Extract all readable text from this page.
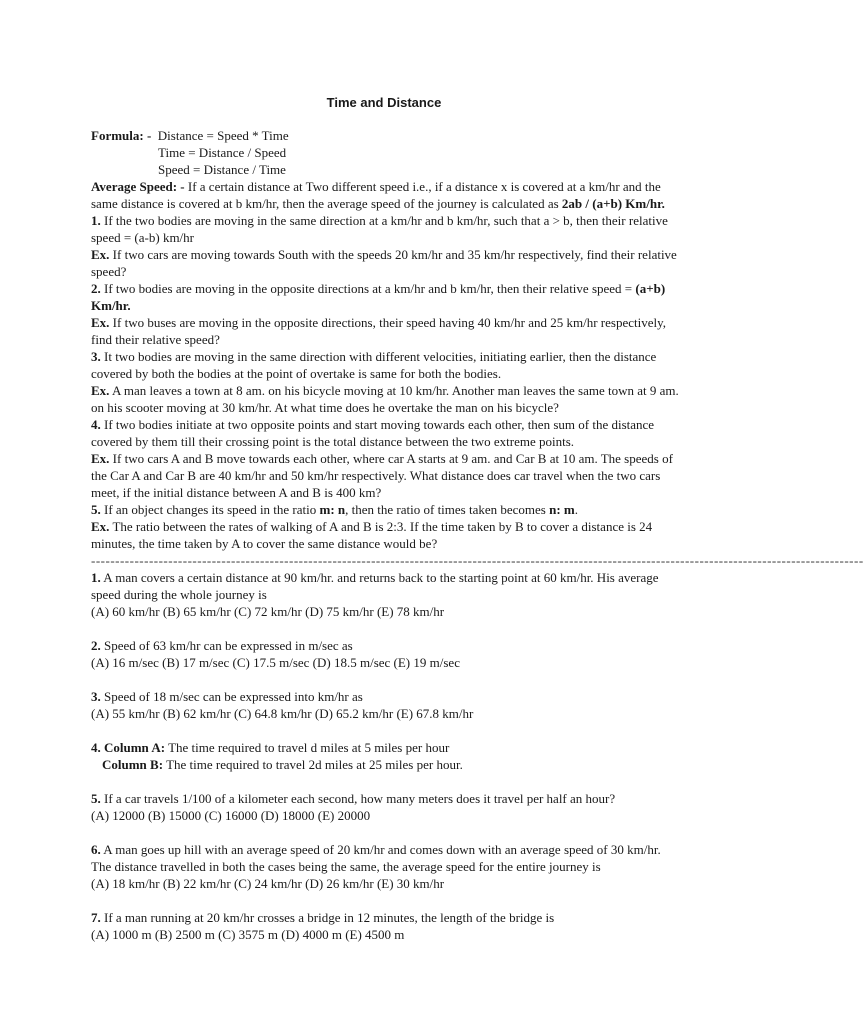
Time and Distance
Formula: - Distance = Speed * Time
Time = Distance / Speed
Speed = Distance / Time
Average Speed: - If a certain distance at Two different speed i.e., if a distance x is covered at a km/hr and the same distance is covered at b km/hr, then the average speed of the journey is calculated as 2ab / (a+b) Km/hr.
1. If the two bodies are moving in the same direction at a km/hr and b km/hr, such that a > b, then their relative speed = (a-b) km/hr
Ex. If two cars are moving towards South with the speeds 20 km/hr and 35 km/hr respectively, find their relative speed?
2. If two bodies are moving in the opposite directions at a km/hr and b km/hr, then their relative speed = (a+b) Km/hr.
Ex. If two buses are moving in the opposite directions, their speed having 40 km/hr and 25 km/hr respectively, find their relative speed?
3. It two bodies are moving in the same direction with different velocities, initiating earlier, then the distance covered by both the bodies at the point of overtake is same for both the bodies.
Ex. A man leaves a town at 8 am. on his bicycle moving at 10 km/hr. Another man leaves the same town at 9 am. on his scooter moving at 30 km/hr. At what time does he overtake the man on his bicycle?
4. If two bodies initiate at two opposite points and start moving towards each other, then sum of the distance covered by them till their crossing point is the total distance between the two extreme points.
Ex. If two cars A and B move towards each other, where car A starts at 9 am. and Car B at 10 am. The speeds of the Car A and Car B are 40 km/hr and 50 km/hr respectively. What distance does car travel when the two cars meet, if the initial distance between A and B is 400 km?
5. If an object changes its speed in the ratio m: n, then the ratio of times taken becomes n: m.
Ex. The ratio between the rates of walking of A and B is 2:3. If the time taken by B to cover a distance is 24 minutes, the time taken by A to cover the same distance would be?
----------------------------------------------------------------------------------------------------------------------------------------------------------------
1. A man covers a certain distance at 90 km/hr. and returns back to the starting point at 60 km/hr. His average speed during the whole journey is
(A) 60 km/hr (B) 65 km/hr (C) 72 km/hr (D) 75 km/hr (E) 78 km/hr
2. Speed of 63 km/hr can be expressed in m/sec as
(A) 16 m/sec (B) 17 m/sec (C) 17.5 m/sec (D) 18.5 m/sec (E) 19 m/sec
3. Speed of 18 m/sec can be expressed into km/hr as
(A) 55 km/hr (B) 62 km/hr (C) 64.8 km/hr (D) 65.2 km/hr (E) 67.8 km/hr
4. Column A: The time required to travel d miles at 5 miles per hour
Column B: The time required to travel 2d miles at 25 miles per hour.
5. If a car travels 1/100 of a kilometer each second, how many meters does it travel per half an hour?
(A) 12000 (B) 15000 (C) 16000 (D) 18000 (E) 20000
6. A man goes up hill with an average speed of 20 km/hr and comes down with an average speed of 30 km/hr. The distance travelled in both the cases being the same, the average speed for the entire journey is
(A) 18 km/hr (B) 22 km/hr (C) 24 km/hr (D) 26 km/hr (E) 30 km/hr
7. If a man running at 20 km/hr crosses a bridge in 12 minutes, the length of the bridge is
(A) 1000 m (B) 2500 m (C) 3575 m (D) 4000 m (E) 4500 m
